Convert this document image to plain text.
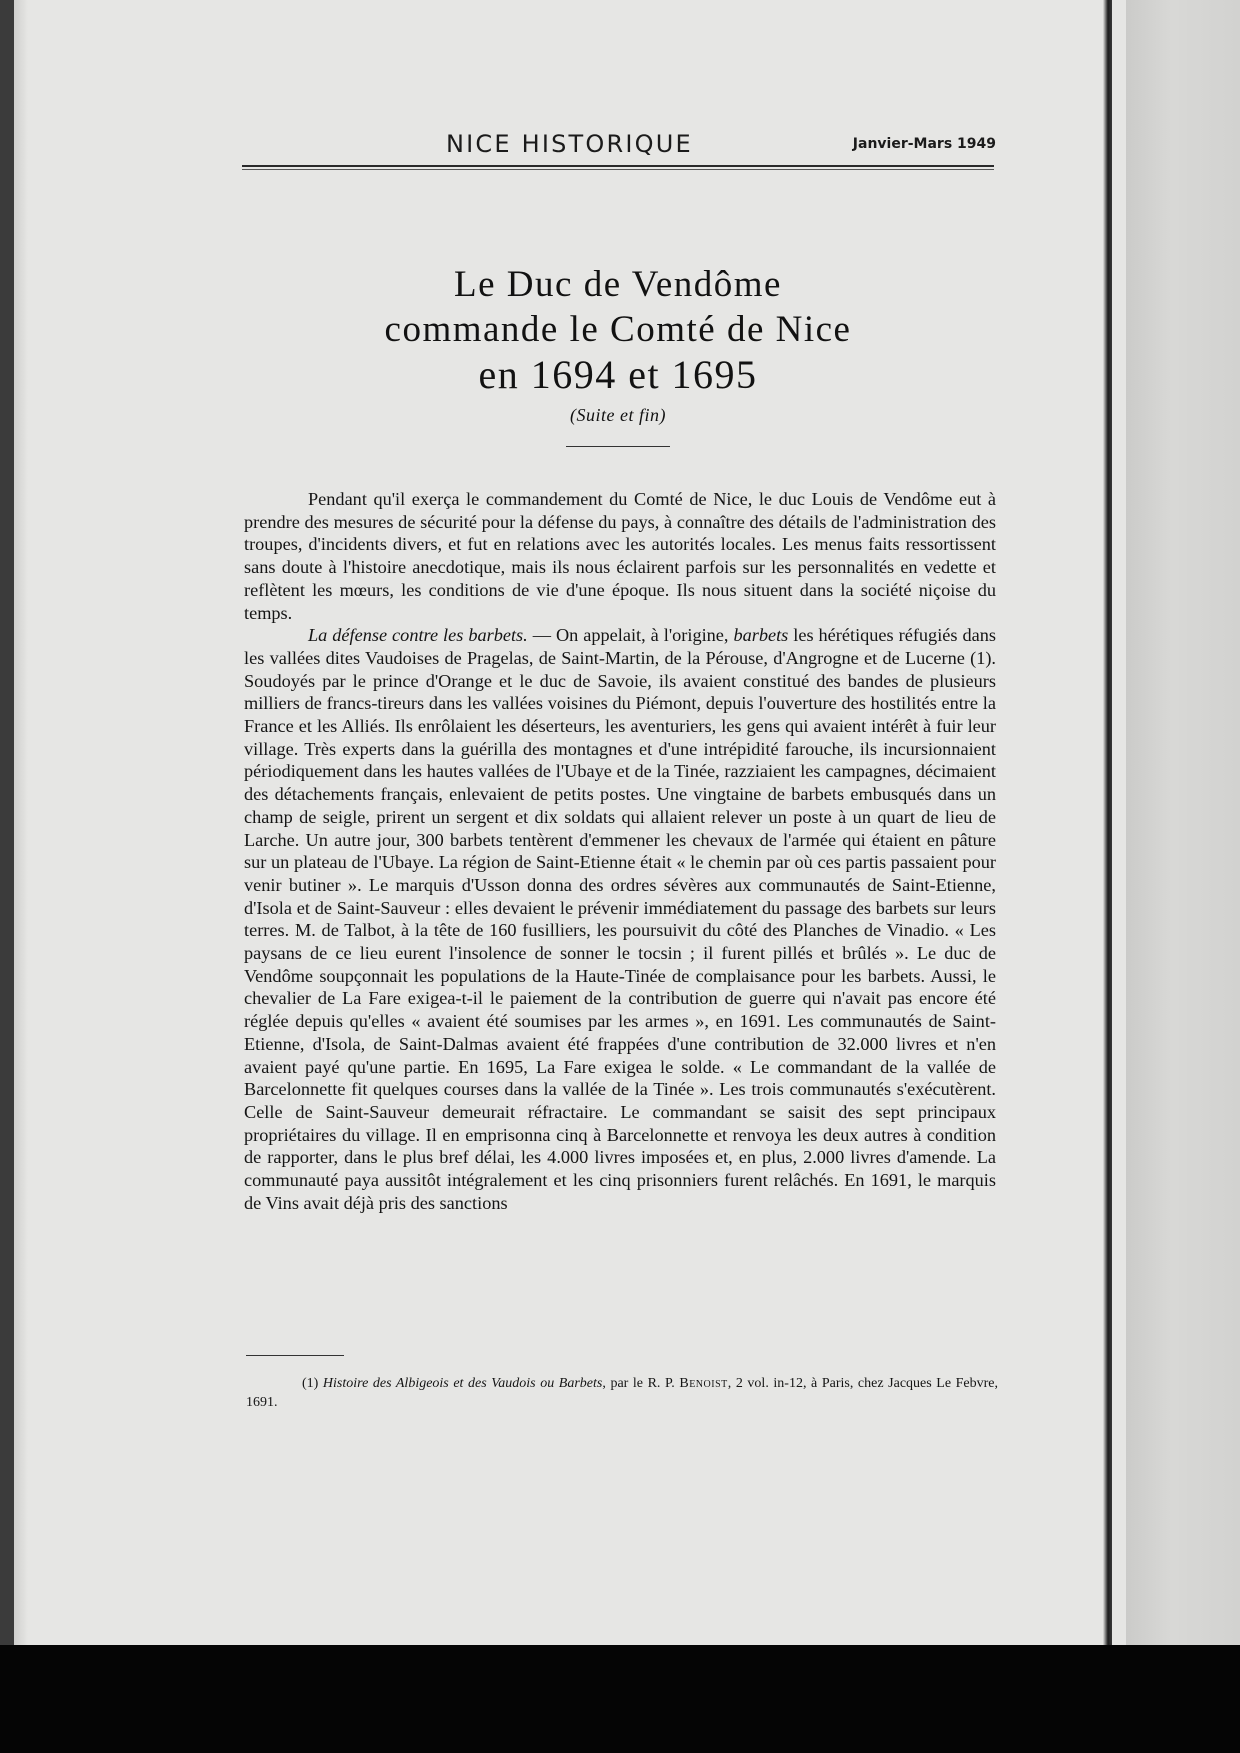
NICE HISTORIQUE	Janvier-Mars 1949
Le Duc de Vendôme
commande le Comté de Nice
en 1694 et 1695
(Suite et fin)

Pendant qu'il exerça le commandement du Comté de Nice, le duc Louis de Vendôme eut à prendre des mesures de sécurité pour la défense du pays, à connaître des détails de l'administration des troupes, d'incidents divers, et fut en relations avec les autorités locales. Les menus faits ressortissent sans doute à l'histoire anecdotique, mais ils nous éclairent parfois sur les personnalités en vedette et reflètent les mœurs, les conditions de vie d'une époque. Ils nous situent dans la société niçoise du temps.

La défense contre les barbets. — On appelait, à l'origine, barbets les hérétiques réfugiés dans les vallées dites Vaudoises de Pragelas, de Saint-Martin, de la Pérouse, d'Angrogne et de Lucerne (1). Soudoyés par le prince d'Orange et le duc de Savoie, ils avaient constitué des bandes de plusieurs milliers de francs-tireurs dans les vallées voisines du Piémont, depuis l'ouverture des hostilités entre la France et les Alliés. Ils enrôlaient les déserteurs, les aventuriers, les gens qui avaient intérêt à fuir leur village. Très experts dans la guérilla des montagnes et d'une intrépidité farouche, ils incursionnaient périodiquement dans les hautes vallées de l'Ubaye et de la Tinée, razziaient les campagnes, décimaient des détachements français, enlevaient de petits postes. Une vingtaine de barbets embusqués dans un champ de seigle, prirent un sergent et dix soldats qui allaient relever un poste à un quart de lieu de Larche. Un autre jour, 300 barbets tentèrent d'emmener les chevaux de l'armée qui étaient en pâture sur un plateau de l'Ubaye. La région de Saint-Etienne était « le chemin par où ces partis passaient pour venir butiner ». Le marquis d'Usson donna des ordres sévères aux communautés de Saint-Etienne, d'Isola et de Saint-Sauveur : elles devaient le prévenir immédiatement du passage des barbets sur leurs terres. M. de Talbot, à la tête de 160 fusilliers, les poursuivit du côté des Planches de Vinadio. « Les paysans de ce lieu eurent l'insolence de sonner le tocsin ; il furent pillés et brûlés ». Le duc de Vendôme soupçonnait les populations de la Haute-Tinée de complaisance pour les barbets. Aussi, le chevalier de La Fare exigea-t-il le paiement de la contribution de guerre qui n'avait pas encore été réglée depuis qu'elles « avaient été soumises par les armes », en 1691. Les communautés de Saint-Etienne, d'Isola, de Saint-Dalmas avaient été frappées d'une contribution de 32.000 livres et n'en avaient payé qu'une partie. En 1695, La Fare exigea le solde. « Le commandant de la vallée de Barcelonnette fit quelques courses dans la vallée de la Tinée ». Les trois communautés s'exécutèrent. Celle de Saint-Sauveur demeurait réfractaire. Le commandant se saisit des sept principaux propriétaires du village. Il en emprisonna cinq à Barcelonnette et renvoya les deux autres à condition de rapporter, dans le plus bref délai, les 4.000 livres imposées et, en plus, 2.000 livres d'amende. La communauté paya aussitôt intégralement et les cinq prisonniers furent relâchés. En 1691, le marquis de Vins avait déjà pris des sanctions

(1) Histoire des Albigeois et des Vaudois ou Barbets, par le R. P. Benoist, 2 vol. in-12, à Paris, chez Jacques Le Febvre, 1691.
